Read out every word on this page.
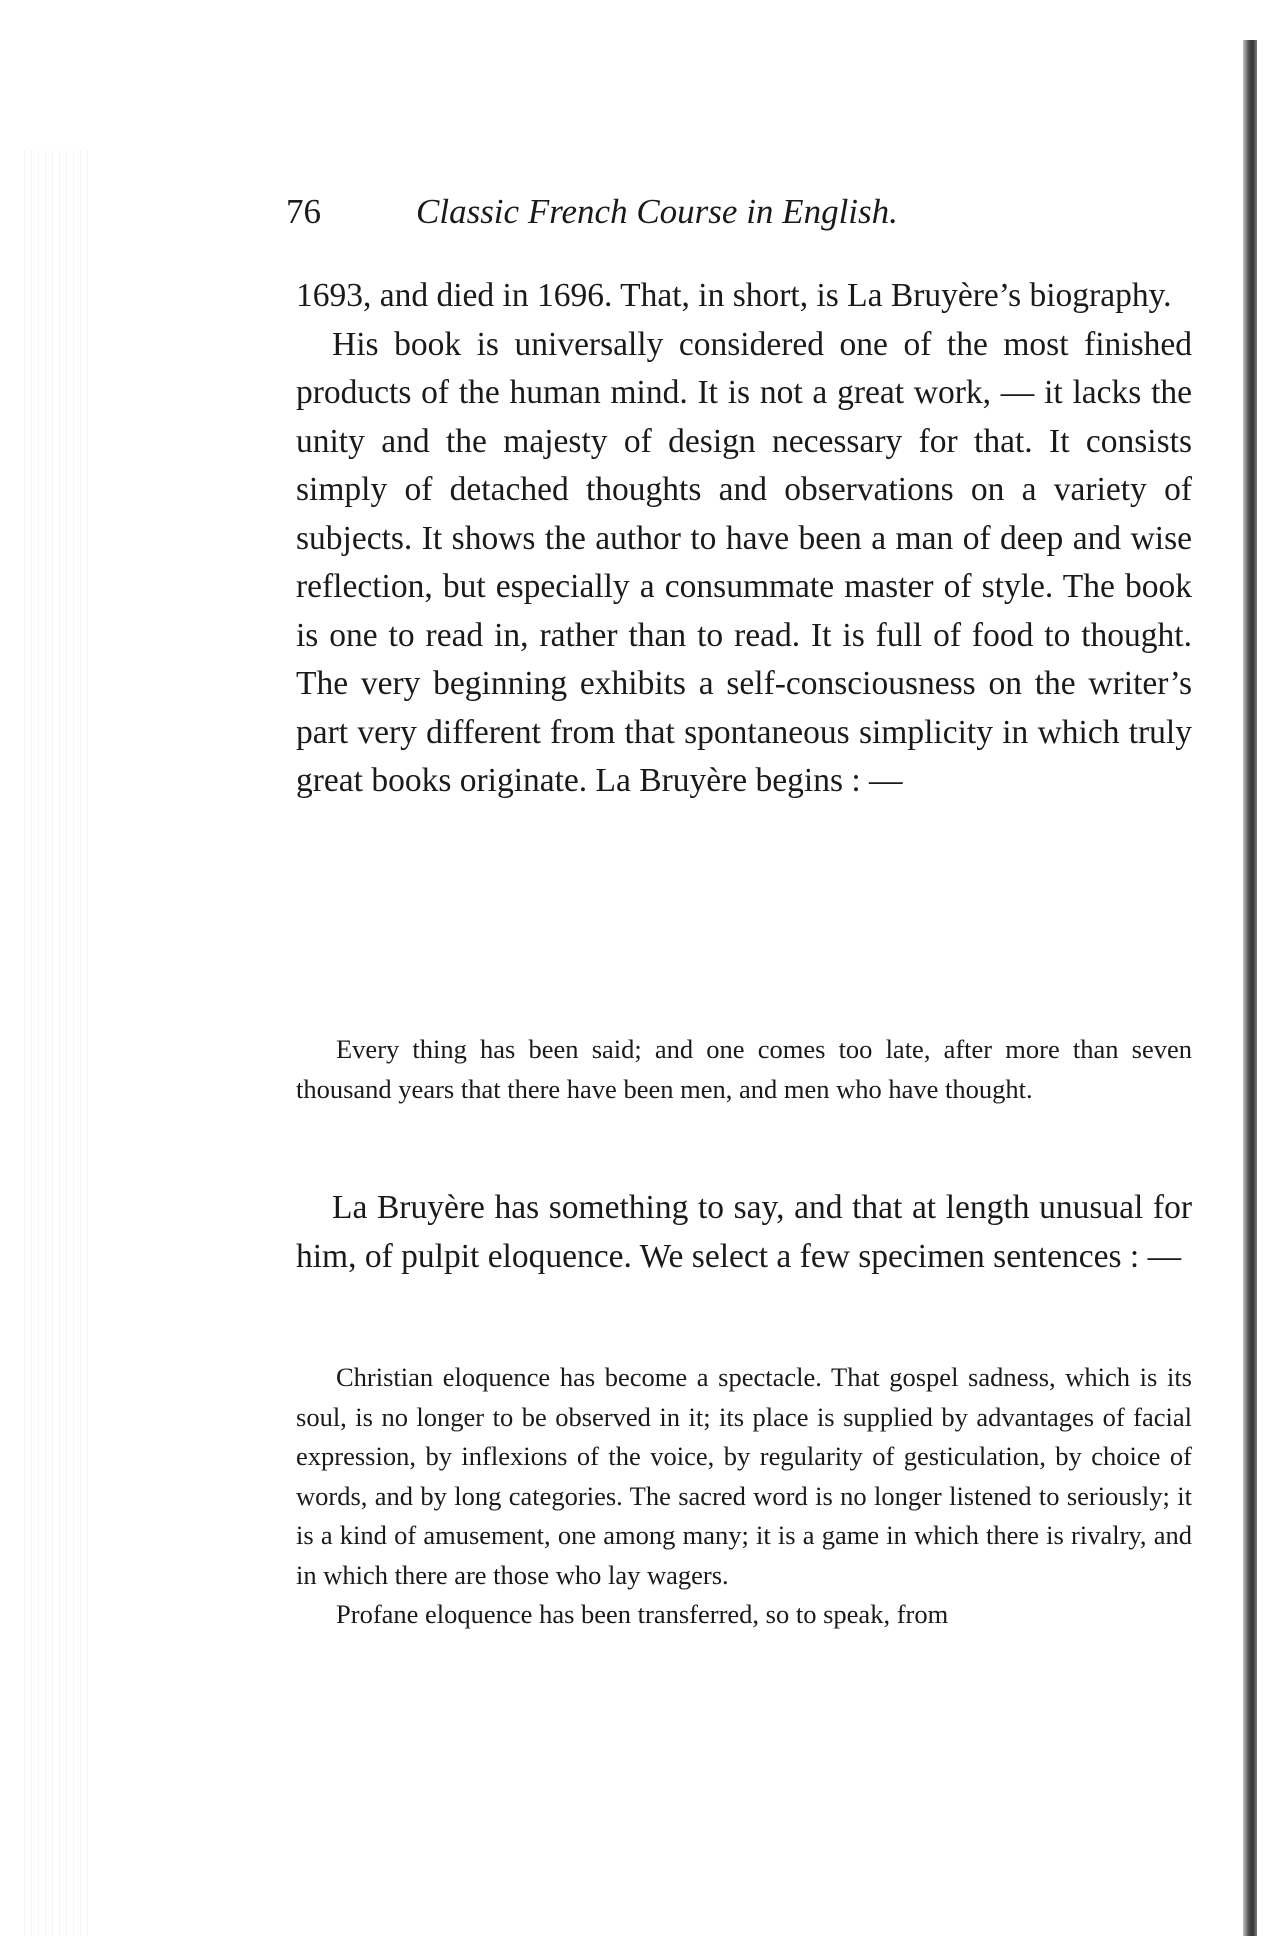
76	Classic French Course in English.

1693, and died in 1696. That, in short, is La Bruyère’s biography.

His book is universally considered one of the most finished products of the human mind. It is not a great work, — it lacks the unity and the majesty of design necessary for that. It consists simply of detached thoughts and observations on a variety of subjects. It shows the author to have been a man of deep and wise reflection, but especially a consummate master of style. The book is one to read in, rather than to read. It is full of food to thought. The very beginning exhibits a self-consciousness on the writer’s part very different from that spontaneous simplicity in which truly great books originate. La Bruyère begins : —

Every thing has been said; and one comes too late, after more than seven thousand years that there have been men, and men who have thought.

La Bruyère has something to say, and that at length unusual for him, of pulpit eloquence. We select a few specimen sentences : —

Christian eloquence has become a spectacle. That gospel sadness, which is its soul, is no longer to be observed in it; its place is supplied by advantages of facial expression, by inflexions of the voice, by regularity of gesticulation, by choice of words, and by long categories. The sacred word is no longer listened to seriously; it is a kind of amusement, one among many; it is a game in which there is rivalry, and in which there are those who lay wagers.

Profane eloquence has been transferred, so to speak, from
